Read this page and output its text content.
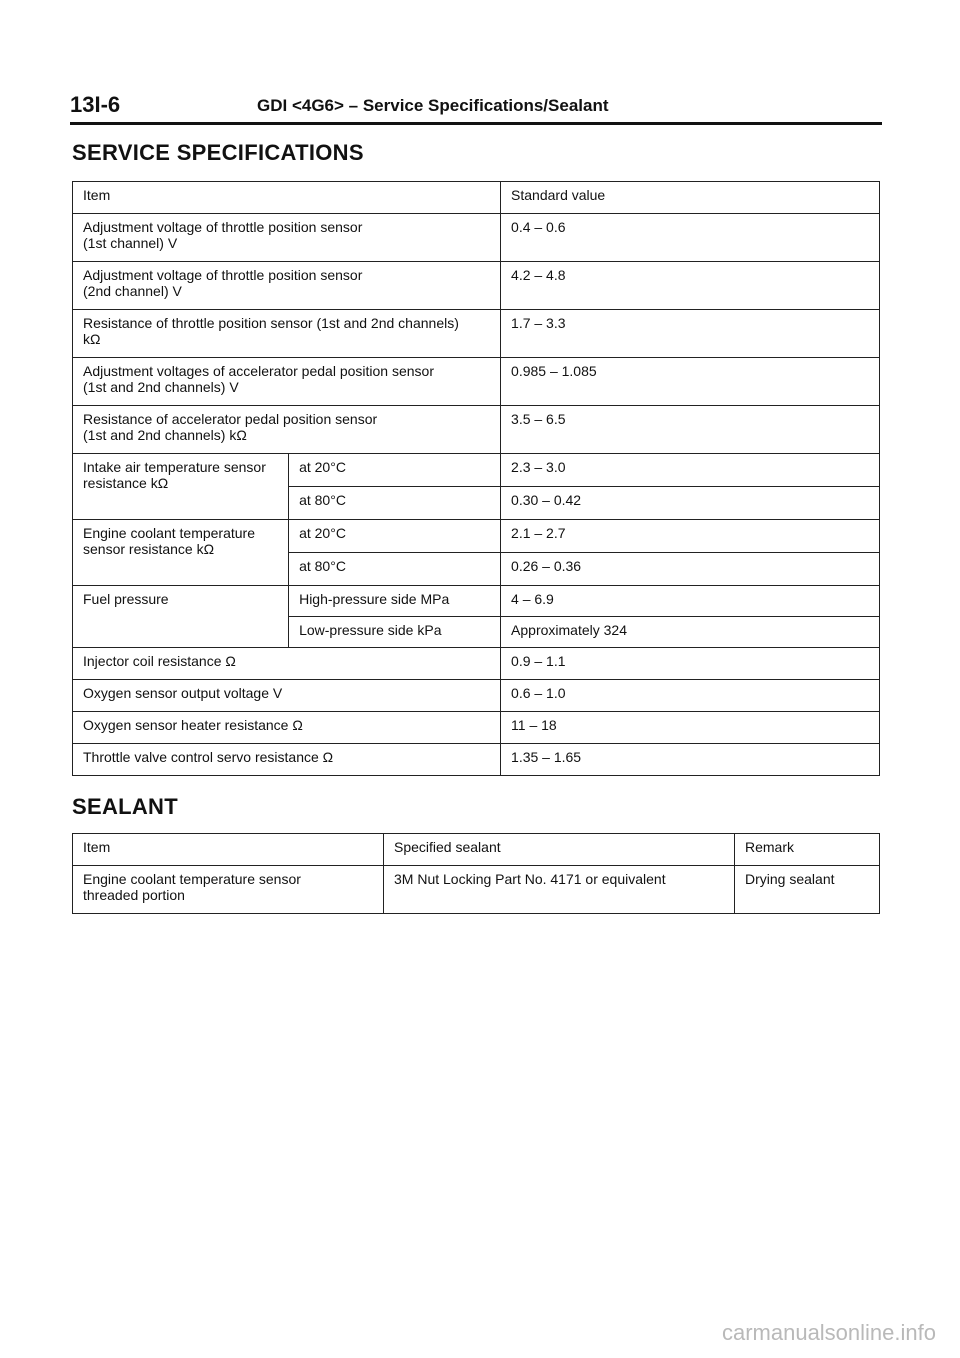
13I-6	GDI <4G6> – Service Specifications/Sealant
SERVICE SPECIFICATIONS
Item		Standard value
Adjustment voltage of throttle position sensor
(1st channel) V		0.4 – 0.6
Adjustment voltage of throttle position sensor
(2nd channel) V		4.2 – 4.8
Resistance of throttle position sensor (1st and 2nd channels)
kΩ		1.7 – 3.3
Adjustment voltages of accelerator pedal position sensor
(1st and 2nd channels) V		0.985 – 1.085
Resistance of accelerator pedal position sensor
(1st and 2nd channels) kΩ		3.5 – 6.5
Intake air temperature sensor
resistance kΩ	at 20°C	2.3 – 3.0
	at 80°C	0.30 – 0.42
Engine coolant temperature
sensor resistance kΩ	at 20°C	2.1 – 2.7
	at 80°C	0.26 – 0.36
Fuel pressure	High-pressure side MPa	4 – 6.9
	Low-pressure side kPa	Approximately 324
Injector coil resistance Ω		0.9 – 1.1
Oxygen sensor output voltage V		0.6 – 1.0
Oxygen sensor heater resistance Ω		11 – 18
Throttle valve control servo resistance Ω		1.35 – 1.65
SEALANT
Item	Specified sealant	Remark
Engine coolant temperature sensor
threaded portion	3M Nut Locking Part No. 4171 or equivalent	Drying sealant
carmanualsonline.info
